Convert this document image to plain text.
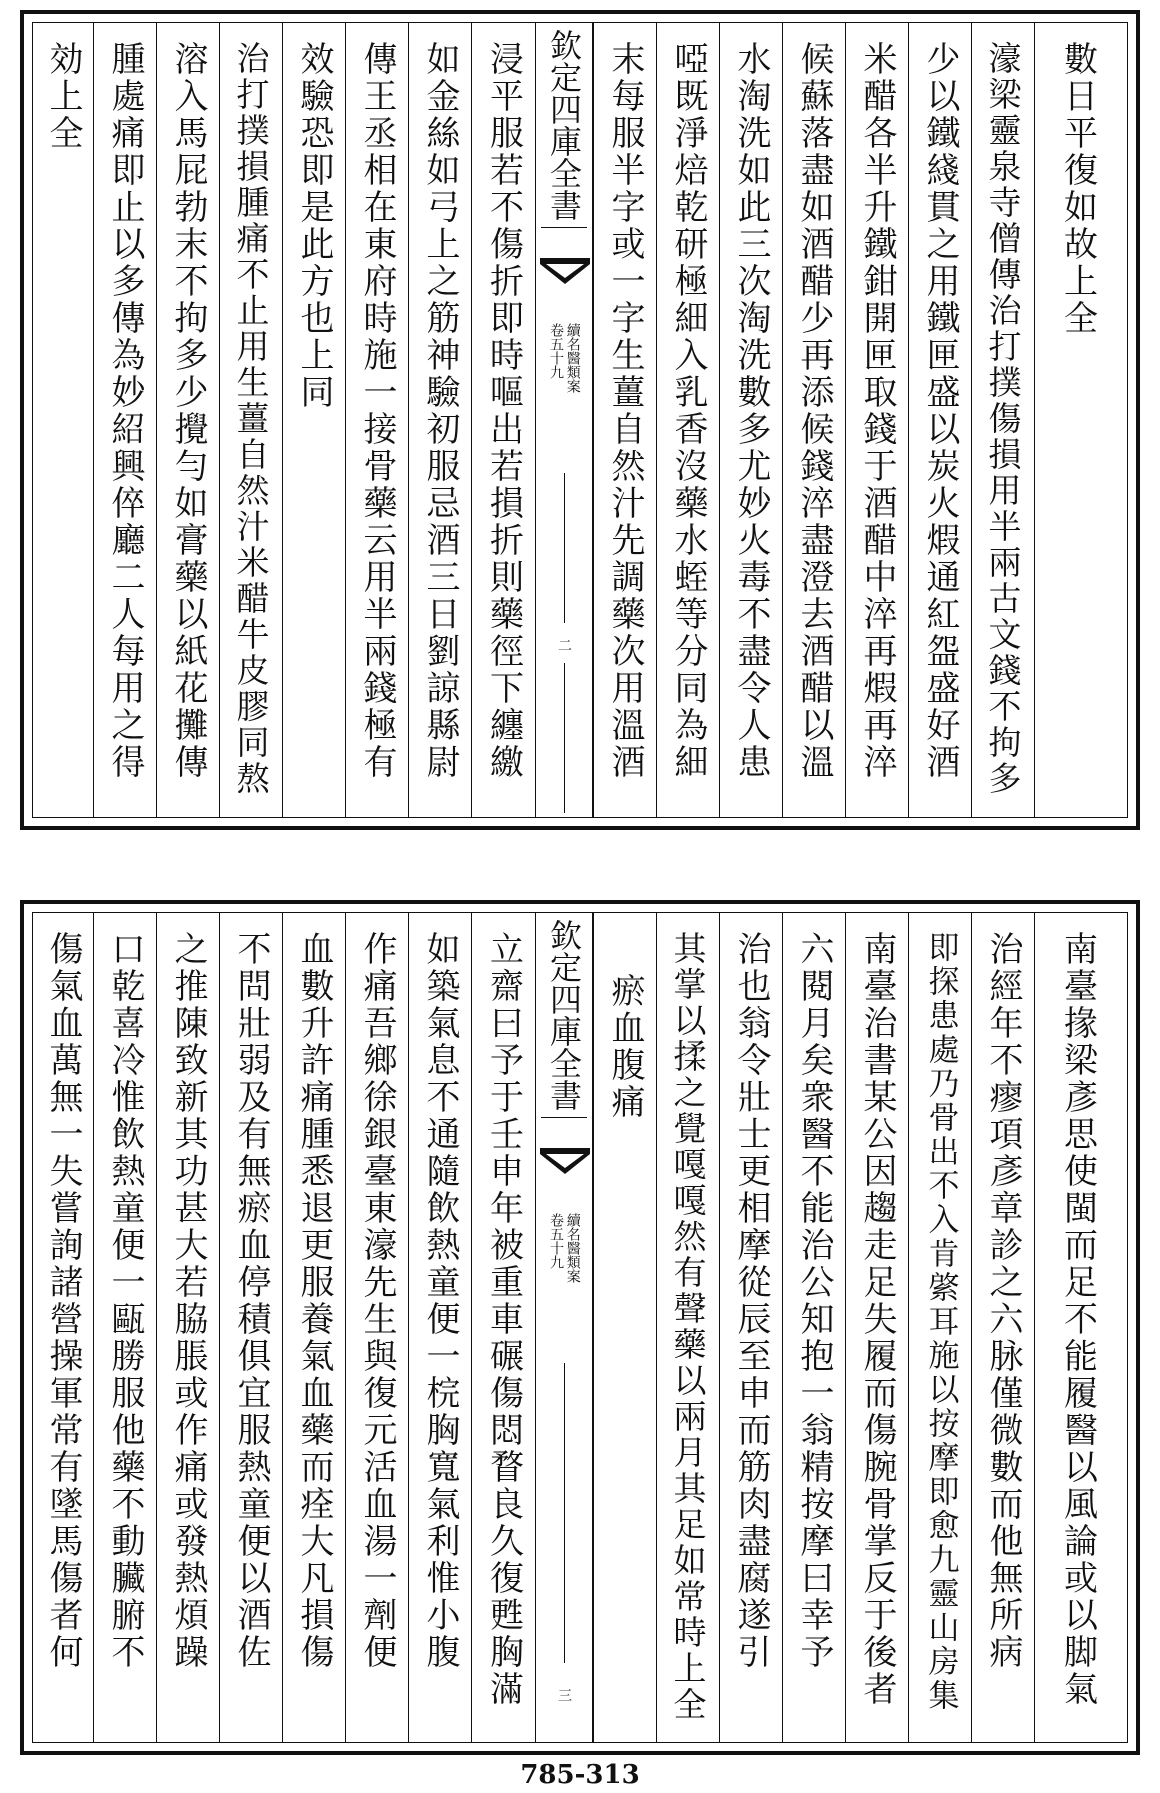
効上全 腫處痛即止以多傳為妙紹興倅廳二人每用之得 溶入馬屁勃末不拘多少攪勻如膏藥以紙花攤傳 治打撲損腫痛不止用生薑自然汁米醋牛皮膠同熬 效驗恐即是此方也上同 傳王丞相在東府時施一接骨藥云用半兩錢極有 如金絲如弓上之筋神驗初服忌酒三日劉諒縣尉 浸平服若不傷折即時嘔出若損折則藥徑下纏繳 欽定四庫全書
續名醫類案
卷五十九
二 末每服半字或一字生薑自然汁先調藥次用溫酒 啞既淨焙乾研極細入乳香沒藥水蛭等分同為細 水淘洗如此三次淘洗數多尤妙火毒不盡令人患 候蘇落盡如酒醋少再添候錢淬盡澄去酒醋以溫 米醋各半升鐵鉗開匣取錢于酒醋中淬再煆再淬 少以鐵綫貫之用鐵匣盛以炭火煆通紅盌盛好酒 濠梁靈泉寺僧傳治打撲傷損用半兩古文錢不拘多 數日平復如故上全
傷氣血萬無一失嘗詢諸營操軍常有墜馬傷者何 口乾喜冷惟飲熱童便一甌勝服他藥不動臟腑不 之推陳致新其功甚大若脇脹或作痛或發熱煩躁 不問壯弱及有無瘀血停積俱宜服熱童便以酒佐 血數升許痛腫悉退更服養氣血藥而痊大凡損傷 作痛吾鄉徐銀臺東濠先生與復元活血湯一劑便 如築氣息不通隨飲熱童便一梡胸寬氣利惟小腹 立齋曰予于壬申年被重車碾傷悶瞀良久復甦胸滿 欽定四庫全書
續名醫類案
卷五十九
三
瘀血腹痛 其掌以揉之覺嘎嘎然有聲藥以兩月其足如常時上全 治也翁令壯士更相摩從辰至申而筋肉盡腐遂引 六閱月矣衆醫不能治公知抱一翁精按摩曰幸予 南臺治書某公因趨走足失履而傷腕骨掌反于後者 即探患處乃骨出不入肯綮耳施以按摩即愈九靈山房集 治經年不瘳項彥章診之六脉僅微數而他無所病 南臺掾梁彥思使閩而足不能履醫以風論或以脚氣
785-313
